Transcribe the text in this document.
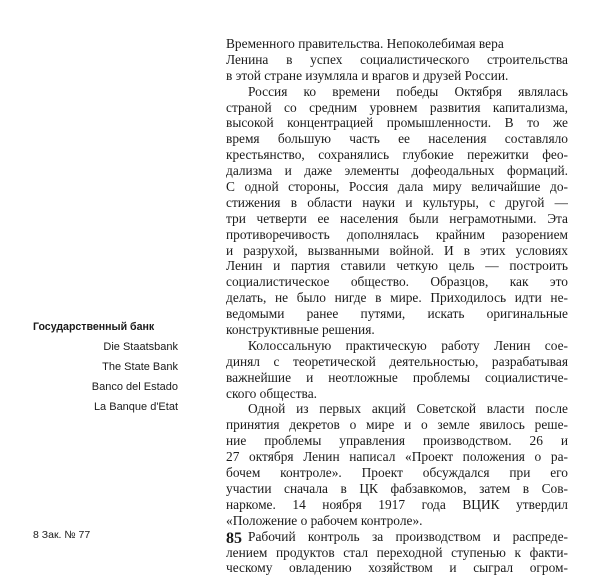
Временного правительства. Непоколебимая вера
Ленина в успех социалистического строительства
в этой стране изумляла и врагов и друзей России.
Россия ко времени победы Октября являлась
страной со средним уровнем развития капитализма,
высокой концентрацией промышленности. В то же
время большую часть ее населения составляло
крестьянство, сохранялись глубокие пережитки фео-
дализма и даже элементы дофеодальных формаций.
С одной стороны, Россия дала миру величайшие до-
стижения в области науки и культуры, с другой —
три четверти ее населения были неграмотными. Эта
противоречивость дополнялась крайним разорением
и разрухой, вызванными войной. И в этих условиях
Ленин и партия ставили четкую цель — построить
социалистическое общество. Образцов, как это
делать, не было нигде в мире. Приходилось идти не-
ведомыми ранее путями, искать оригинальные
конструктивные решения.
Колоссальную практическую работу Ленин сое-
динял с теоретической деятельностью, разрабатывая
важнейшие и неотложные проблемы социалистиче-
ского общества.
Одной из первых акций Советской власти после
принятия декретов о мире и о земле явилось реше-
ние проблемы управления производством. 26 и
27 октября Ленин написал «Проект положения о ра-
бочем контроле». Проект обсуждался при его
участии сначала в ЦК фабзавкомов, затем в Сов-
наркоме. 14 ноября 1917 года ВЦИК утвердил
«Положение о рабочем контроле».
Рабочий контроль за производством и распреде-
лением продуктов стал переходной ступенью к факти-
ческому овладению хозяйством и сыграл огром-
Государственный банк
Die Staatsbank
The State Bank
Banco del Estado
La Banque d'Etat
8 Зак. № 77	85
